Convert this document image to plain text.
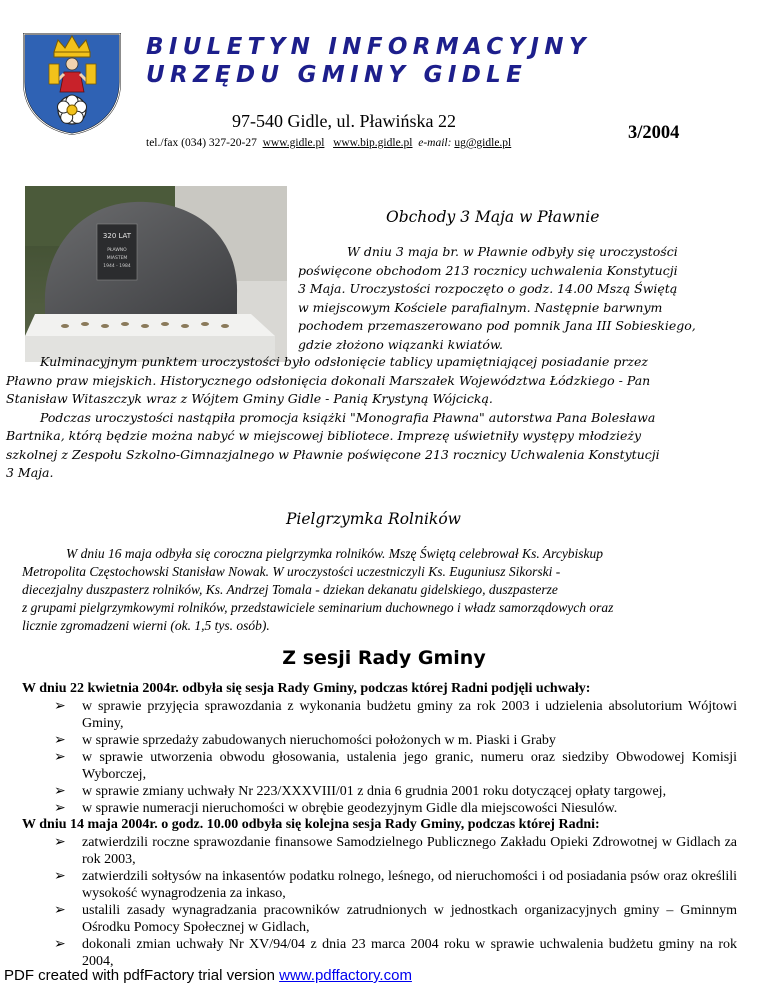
BIULETYN INFORMACYJNY
URZĘDU GMINY GIDLE
97-540 Gidle, ul. Pławińska 22
tel./fax (034) 327-20-27 www.gidle.pl www.bip.gidle.pl e-mail: ug@gidle.pl	3/2004
320 LAT
PŁAWNO
MIASTEM
1944 - 1984
Obchody 3 Maja w Pławnie
W dniu 3 maja br. w Pławnie odbyły się uroczystości
poświęcone obchodom 213 rocznicy uchwalenia Konstytucji
3 Maja. Uroczystości rozpoczęto o godz. 14.00 Mszą Świętą
w miejscowym Kościele parafialnym. Następnie barwnym
pochodem przemaszerowano pod pomnik Jana III Sobieskiego,
gdzie złożono wiązanki kwiatów.
Kulminacyjnym punktem uroczystości było odsłonięcie tablicy upamiętniającej posiadanie przez
Pławno praw miejskich. Historycznego odsłonięcia dokonali Marszałek Województwa Łódzkiego - Pan
Stanisław Witaszczyk wraz z Wójtem Gminy Gidle - Panią Krystyną Wójcicką.
Podczas uroczystości nastąpiła promocja książki "Monografia Pławna" autorstwa Pana Bolesława
Bartnika, którą będzie można nabyć w miejscowej bibliotece. Imprezę uświetniły występy młodzieży
szkolnej z Zespołu Szkolno-Gimnazjalnego w Pławnie poświęcone 213 rocznicy Uchwalenia Konstytucji
3 Maja.
Pielgrzymka Rolników
W dniu 16 maja odbyła się coroczna pielgrzymka rolników. Mszę Świętą celebrował Ks. Arcybiskup
Metropolita Częstochowski Stanisław Nowak. W uroczystości uczestniczyli Ks. Euguniusz Sikorski -
diecezjalny duszpasterz rolników, Ks. Andrzej Tomala - dziekan dekanatu gidelskiego, duszpasterze
z grupami pielgrzymkowymi rolników, przedstawiciele seminarium duchownego i władz samorządowych oraz
licznie zgromadzeni wierni (ok. 1,5 tys. osób).
Z sesji Rady Gminy
W dniu 22 kwietnia 2004r. odbyła się sesja Rady Gminy, podczas której Radni podjęli uchwały:
➢ w sprawie przyjęcia sprawozdania z wykonania budżetu gminy za rok 2003 i udzielenia absolutorium Wójtowi Gminy,
➢ w sprawie sprzedaży zabudowanych nieruchomości położonych w m. Piaski i Graby
➢ w sprawie utworzenia obwodu głosowania, ustalenia jego granic, numeru oraz siedziby Obwodowej Komisji Wyborczej,
➢ w sprawie zmiany uchwały Nr 223/XXXVIII/01 z dnia 6 grudnia 2001 roku dotyczącej opłaty targowej,
➢ w sprawie numeracji nieruchomości w obrębie geodezyjnym Gidle dla miejscowości Niesulów.
W dniu 14 maja 2004r. o godz. 10.00 odbyła się kolejna sesja Rady Gminy, podczas której Radni:
➢ zatwierdzili roczne sprawozdanie finansowe Samodzielnego Publicznego Zakładu Opieki Zdrowotnej w Gidlach za rok 2003,
➢ zatwierdzili sołtysów na inkasentów podatku rolnego, leśnego, od nieruchomości i od posiadania psów oraz określili wysokość wynagrodzenia za inkaso,
➢ ustalili zasady wynagradzania pracowników zatrudnionych w jednostkach organizacyjnych gminy – Gminnym Ośrodku Pomocy Społecznej w Gidlach,
➢ dokonali zmian uchwały Nr XV/94/04 z dnia 23 marca 2004 roku w sprawie uchwalenia budżetu gminy na rok 2004,
PDF created with pdfFactory trial version www.pdffactory.com
